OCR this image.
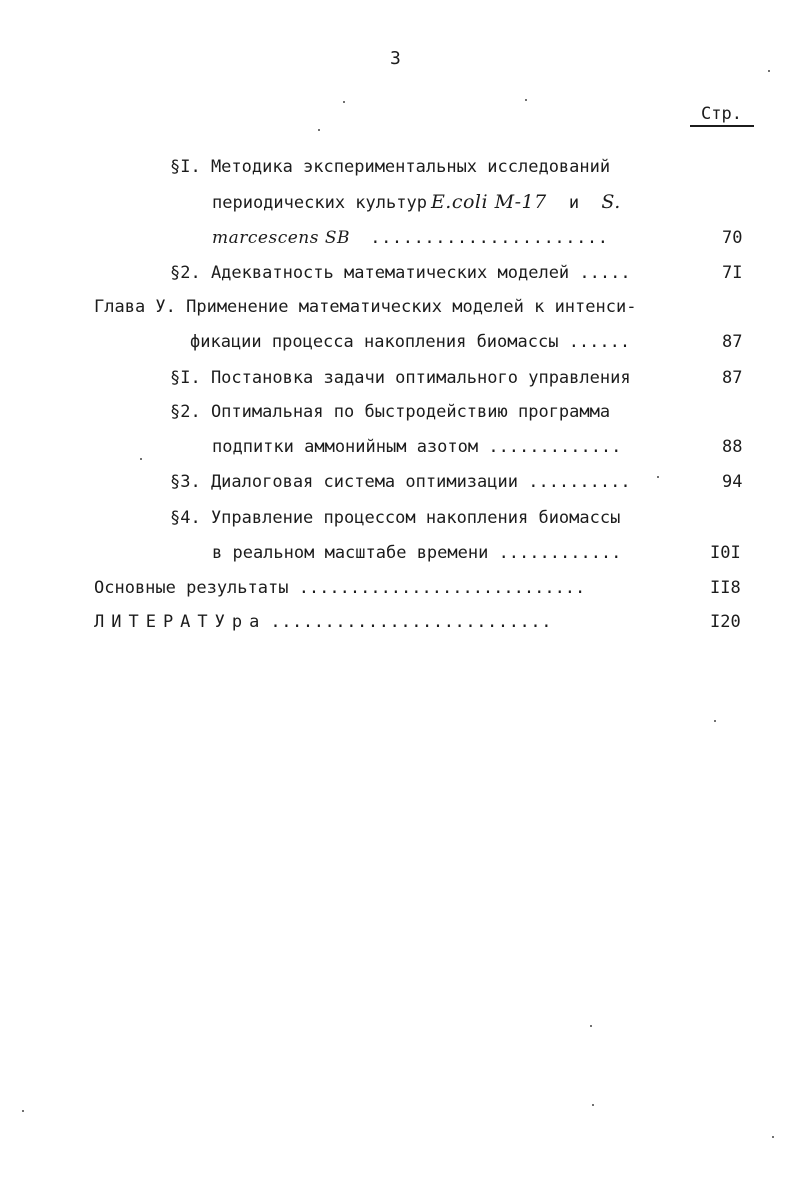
3
Стр.
§I. Методика экспериментальных исследований
периодических культур E.coli M-17 и S.
marcescens SB ......................	70
§2. Адекватность математических моделей .....	7I
Глава У. Применение математических моделей к интенси-
фикации процесса накопления биомассы ......	87
§I. Постановка задачи оптимального управления	87
§2. Оптимальная по быстродействию программа
подпитки аммонийным азотом .............	88
§3. Диалоговая система оптимизации ..........	94
§4. Управление процессом накопления биомассы
в реальном масштабе времени ............	I0I
Основные результаты ............................	II8
ЛИТЕРАТУра ..........................	I20
